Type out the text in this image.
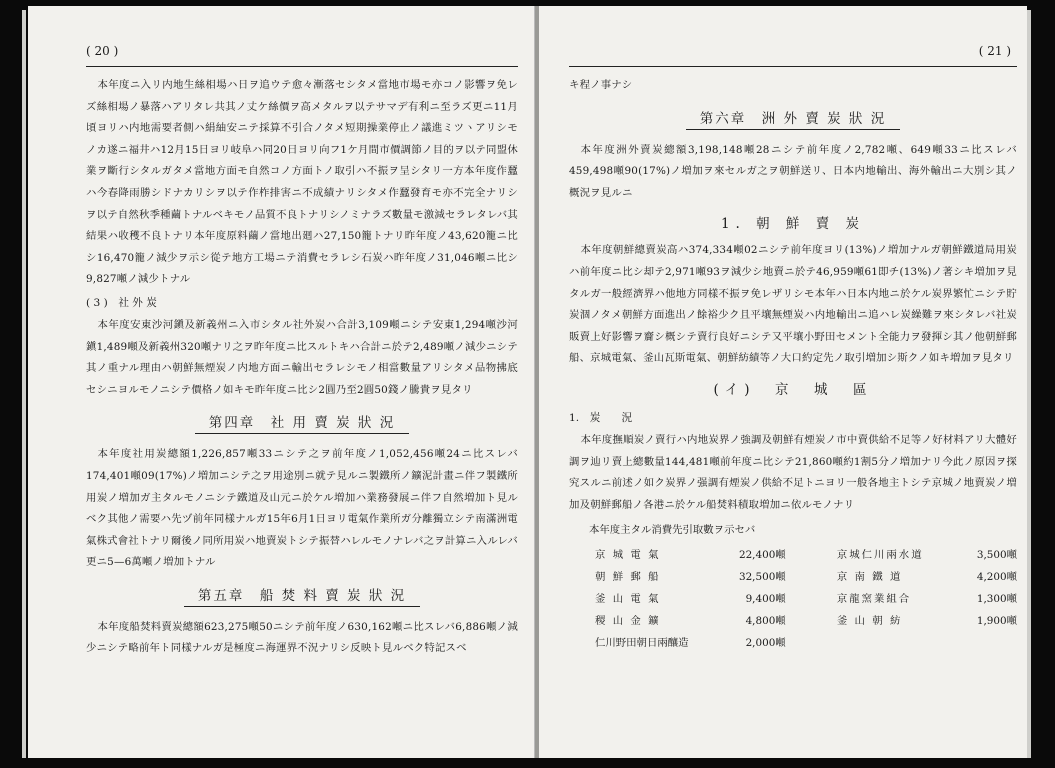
( 20 )

本年度ニ入リ内地生絲相場ハ日ヲ追ウテ愈々漸落セシタメ當地市場モ亦コノ影響ヲ免レズ絲相場ノ暴落ハアリタレ共其ノ丈ケ絲價ヲ高メタルヲ以テサマデ有利ニ至ラズ更ニ11月頃ヨリハ内地需要者側ハ絹紬安ニテ採算不引合ノタメ短期操業停止ノ議進ミツヽアリシモノカ遂ニ福井ハ12月15日ヨリ岐阜ハ同20日ヨリ向フ1ケ月間市價調節ノ目的ヲ以テ同盟休業ヲ斷行シタルガタメ當地方面モ自然コノ方面トノ取引ハ不振ヲ呈シタリ一方本年度作蠶ハ今春降雨勝シドナカリシヲ以テ作柞排害ニ不成績ナリシタメ作蠶發育モ亦不完全ナリシヲ以テ自然秋季種繭トナルベキモノ品質不良トナリシノミナラズ數量モ激減セラレタレバ其結果ハ收穫不良トナリ本年度原料繭ノ當地出廻ハ27,150籠トナリ昨年度ノ43,620籠ニ比シ16,470籠ノ減少ヲ示シ從テ地方工場ニテ消費セラレシ石炭ハ昨年度ノ31,046噸ニ比シ9,827噸ノ減少トナル

( 3 )　社 外 炭

本年度安東沙河鎭及新義州ニ入市シタル社外炭ハ合計3,109噸ニシテ安東1,294噸沙河鎭1,489噸及新義州320噸ナリ之ヲ昨年度ニ比スルトキハ合計ニ於テ2,489噸ノ減少ニシテ其ノ重ナル理由ハ朝鮮無煙炭ノ内地方面ニ輸出セラレシモノ相當數量アリシタメ品物拂底セシニヨルモノニシテ價格ノ如キモ昨年度ニ比シ2圓乃至2圓50錢ノ騰貴ヲ見タリ

第四章　社 用 賣 炭 狀 況

本年度社用炭總額1,226,857噸33ニシテ之ヲ前年度ノ1,052,456噸24ニ比スレバ174,401噸09(17%)ノ増加ニシテ之ヲ用途別ニ就テ見ルニ製鐵所ノ鑛泥計畫ニ伴フ製鐵所用炭ノ増加ガ主タルモノニシテ鐵道及山元ニ於ケル増加ハ業務發展ニ伴フ自然増加ト見ルベク其他ノ需要ハ先ヅ前年同樣ナルガ15年6月1日ヨリ電氣作業所ガ分離獨立シテ南滿洲電氣株式會社トナリ爾後ノ同所用炭ハ地賣炭トシテ振替ハレルモノナレバ之ヲ計算ニ入ルレバ更ニ5—6萬噸ノ増加トナル

第五章　船 焚 料 賣 炭 狀 況

本年度船焚料賣炭總額623,275噸50ニシテ前年度ノ630,162噸ニ比スレバ6,886噸ノ減少ニシテ略前年ト同樣ナルガ是極度ニ海運界不況ナリシ反映ト見ルベク特記スベ

( 21 )

キ程ノ事ナシ

第六章　洲 外 賣 炭 狀 況

本年度洲外賣炭總額3,198,148噸28ニシテ前年度ノ2,782噸、649噸33ニ比スレバ459,498噸90(17%)ノ増加ヲ來セルガ之ヲ朝鮮送リ、日本内地輸出、海外輸出ニ大別シ其ノ概況ヲ見ルニ

1. 朝 鮮 賣 炭

本年度朝鮮總賣炭高ハ374,334噸02ニシテ前年度ヨリ(13%)ノ増加ナルガ朝鮮鐵道局用炭ハ前年度ニ比シ却テ2,971噸93ヲ減少シ地賣ニ於テ46,959噸61即チ(13%)ノ著シキ増加ヲ見タルガ一般經濟界ハ他地方同樣不振ヲ免レザリシモ本年ハ日本内地ニ於ケル炭界繁忙ニシテ貯炭涸ノタメ朝鮮方面進出ノ餘裕少ク且平壤無煙炭ハ内地輸出ニ追ハレ炭繰難ヲ來シタレバ社炭販賣上好影響ヲ齎シ概シテ賣行良好ニシテ又平壤小野田セメント全能力ヲ發揮シ其ノ他朝鮮郵船、京城電氣、釜山瓦斯電氣、朝鮮紡績等ノ大口約定先ノ取引増加シ斯クノ如キ増加ヲ見タリ

(イ)　京　城　區

1.　炭　　況

本年度撫順炭ノ賣行ハ内地炭界ノ強調及朝鮮有煙炭ノ市中賣供給不足等ノ好材料アリ大體好調ヲ辿リ賣上總數量144,481噸前年度ニ比シテ21,860噸約1割5分ノ増加ナリ今此ノ原因ヲ探究スルニ前述ノ如ク炭界ノ强調有煙炭ノ供給不足トニヨリ一般各地主トシテ京城ノ地賣炭ノ増加及朝鮮郵船ノ各港ニ於ケル船焚料積取増加ニ依ルモノナリ

本年度主タル消費先引取數ヲ示セバ
京 城 電 氣	22,400噸		京城仁川兩水道	3,500噸
朝 鮮 郵 船	32,500噸		京 南 鐵 道	4,200噸
釜 山 電 氣	9,400噸		京龍窯業組合	1,300噸
稷 山 金 鑛	4,800噸		釜 山 朝 紡	1,900噸
仁川野田朝日兩釀造	2,000噸			
